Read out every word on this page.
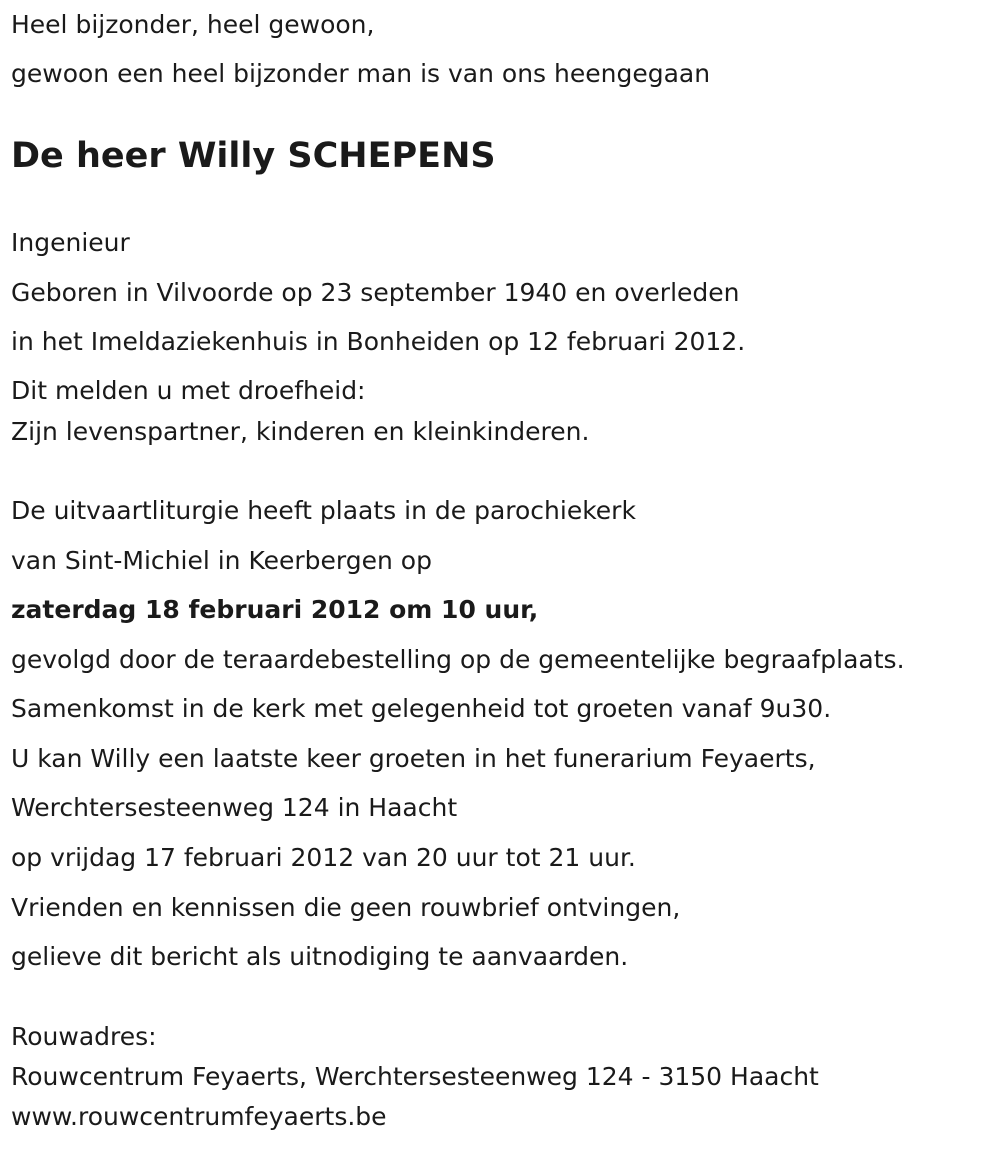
Heel bijzonder, heel gewoon,
gewoon een heel bijzonder man is van ons heengegaan
De heer Willy SCHEPENS
Ingenieur
Geboren in Vilvoorde op 23 september 1940 en overleden
in het Imeldaziekenhuis in Bonheiden op 12 februari 2012.
Dit melden u met droefheid:
Zijn levenspartner, kinderen en kleinkinderen.
De uitvaartliturgie heeft plaats in de parochiekerk
van Sint-Michiel in Keerbergen op
zaterdag 18 februari 2012 om 10 uur,
gevolgd door de teraardebestelling op de gemeentelijke begraafplaats.
Samenkomst in de kerk met gelegenheid tot groeten vanaf 9u30.
U kan Willy een laatste keer groeten in het funerarium Feyaerts,
Werchtersesteenweg 124 in Haacht
op vrijdag 17 februari 2012 van 20 uur tot 21 uur.
Vrienden en kennissen die geen rouwbrief ontvingen,
gelieve dit bericht als uitnodiging te aanvaarden.
Rouwadres:
Rouwcentrum Feyaerts, Werchtersesteenweg 124 - 3150 Haacht
www.rouwcentrumfeyaerts.be
